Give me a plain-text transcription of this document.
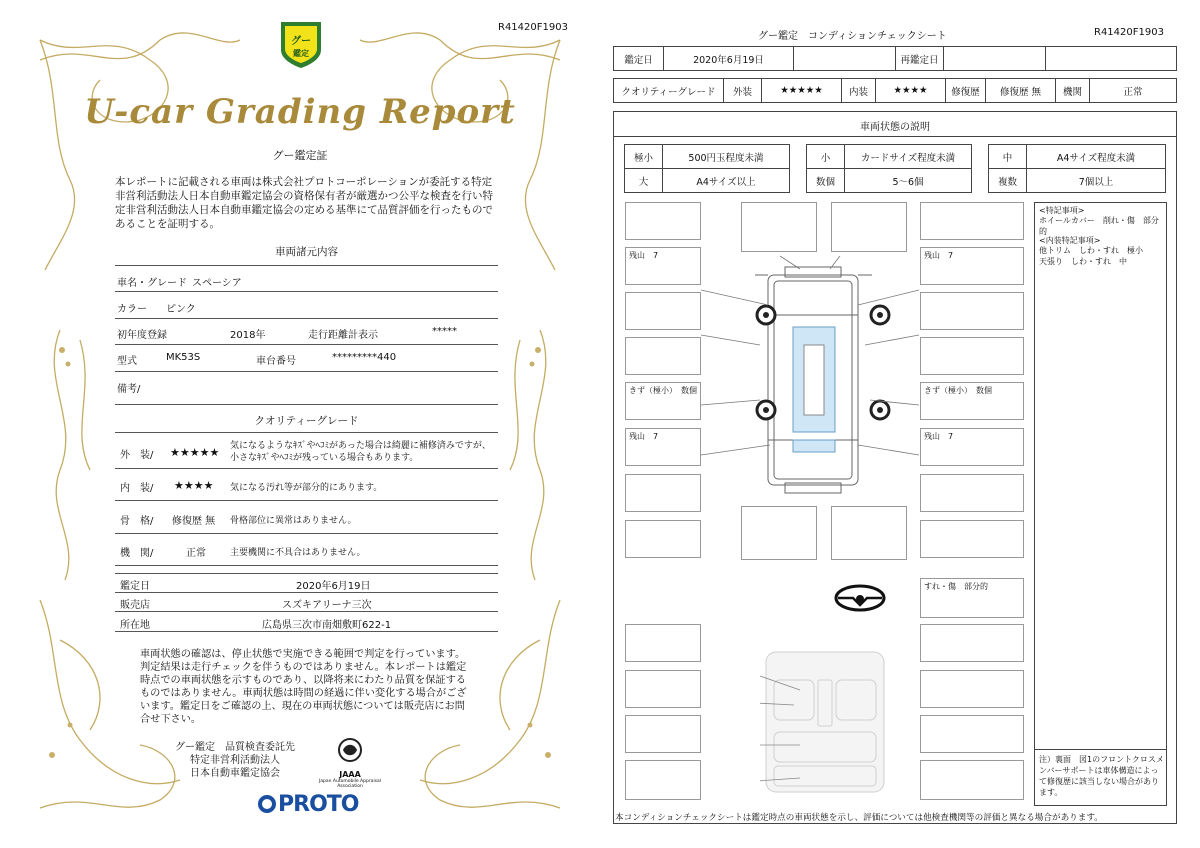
R41420F1903
グー
鑑定
U-car Grading Report
グー鑑定証
本レポートに記載される車両は株式会社プロトコーポレーションが委託する特定非営利活動法人日本自動車鑑定協会の資格保有者が厳選かつ公平な検査を行い特定非営利活動法人日本自動車鑑定協会の定める基準にて品質評価を行ったものであることを証明する。
車両諸元内容
車名・グレード スペーシア
カラー ピンク
初年度登録	2018年	走行距離計表示	*****
型式	MK53S	車台番号	*********440
備考/
クオリティーグレード
外　装/ ★★★★★ 気になるようなｷｽﾞやﾍｺﾐがあった場合は綺麗に補修済みですが、小さなｷｽﾞやﾍｺﾐが残っている場合もあります。
内　装/ ★★★★ 気になる汚れ等が部分的にあります。
骨　格/ 修復歴 無 骨格部位に異常はありません。
機　関/	正常	主要機関に不具合はありません。
鑑定日	2020年6月19日
販売店	スズキアリーナ三次
所在地	広島県三次市南畑敷町622-1
車両状態の確認は、停止状態で実施できる範囲で判定を行っています。判定結果は走行チェックを伴うものではありません。本レポートは鑑定時点での車両状態を示すものであり、以降将来にわたり品質を保証するものではありません。車両状態は時間の経過に伴い変化する場合がございます。鑑定日をご確認の上、現在の車両状態については販売店にお問合せ下さい。
グー鑑定　品質検査委託先
特定非営利活動法人
日本自動車鑑定協会	JAAA
Japan Automobile Appraisal Association
PROTO
グー鑑定　コンディションチェックシート	R41420F1903
鑑定日	2020年6月19日		再鑑定日		
クオリティーグレード	外装	★★★★★	内装	★★★★	修復歴	修復歴 無	機関	正常
車両状態の説明
極小	500円玉程度未満
大	A4サイズ以上
小	カードサイズ程度未満
数個	5～6個
中	A4サイズ程度未満
複数	7個以上
残山　7
きず（極小）　数個
残山　7
残山　7
きず（極小）　数個
残山　7
すれ・傷　部分的
<特記事項>
ホイールカバー　削れ・傷　部分的
<内装特記事項>
他トリム　しわ・すれ　極小
天張り　しわ・すれ　中
注）裏面　図1のフロントクロスメンバーサポートは車体構造によって修復歴に該当しない場合があります。
本コンディションチェックシートは鑑定時点の車両状態を示し、評価については他検査機関等の評価と異なる場合があります。
